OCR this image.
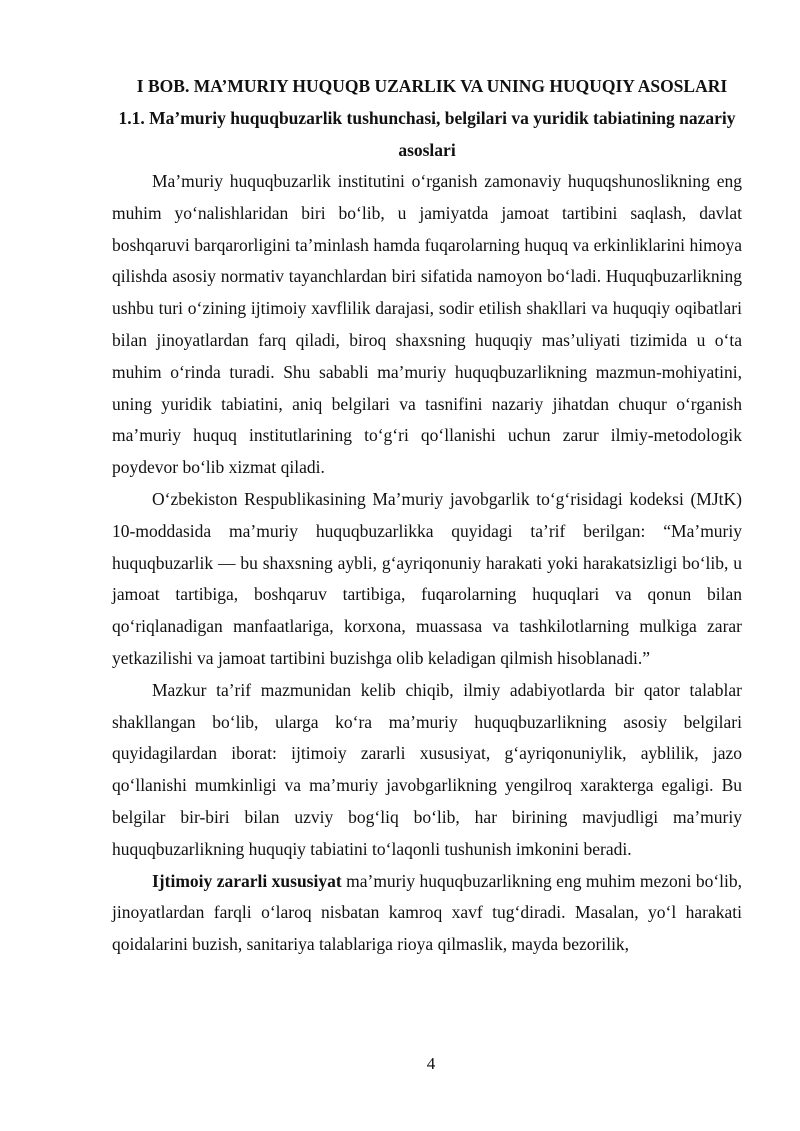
I BOB. MA’MURIY HUQUQB UZARLIK VA UNING HUQUQIY ASOSLARI
1.1. Ma’muriy huquqbuzarlik tushunchasi, belgilari va yuridik tabiatining nazariy asoslari

Ma’muriy huquqbuzarlik institutini o‘rganish zamonaviy huquqshunoslikning eng muhim yo‘nalishlaridan biri bo‘lib, u jamiyatda jamoat tartibini saqlash, davlat boshqaruvi barqarorligini ta’minlash hamda fuqarolarning huquq va erkinliklarini himoya qilishda asosiy normativ tayanchlardan biri sifatida namoyon bo‘ladi. Huquqbuzarlikning ushbu turi o‘zining ijtimoiy xavflilik darajasi, sodir etilish shakllari va huquqiy oqibatlari bilan jinoyatlardan farq qiladi, biroq shaxsning huquqiy mas’uliyati tizimida u o‘ta muhim o‘rinda turadi. Shu sababli ma’muriy huquqbuzarlikning mazmun-mohiyatini, uning yuridik tabiatini, aniq belgilari va tasnifini nazariy jihatdan chuqur o‘rganish ma’muriy huquq institutlarining to‘g‘ri qo‘llanishi uchun zarur ilmiy-metodologik poydevor bo‘lib xizmat qiladi.

O‘zbekiston Respublikasining Ma’muriy javobgarlik to‘g‘risidagi kodeksi (MJtK) 10-moddasida ma’muriy huquqbuzarlikka quyidagi ta’rif berilgan: “Ma’muriy huquqbuzarlik — bu shaxsning aybli, g‘ayriqonuniy harakati yoki harakatsizligi bo‘lib, u jamoat tartibiga, boshqaruv tartibiga, fuqarolarning huquqlari va qonun bilan qo‘riqlanadigan manfaatlariga, korxona, muassasa va tashkilotlarning mulkiga zarar yetkazilishi va jamoat tartibini buzishga olib keladigan qilmish hisoblanadi.”

Mazkur ta’rif mazmunidan kelib chiqib, ilmiy adabiyotlarda bir qator talablar shakllangan bo‘lib, ularga ko‘ra ma’muriy huquqbuzarlikning asosiy belgilari quyidagilardan iborat: ijtimoiy zararli xususiyat, g‘ayriqonuniylik, ayblilik, jazo qo‘llanishi mumkinligi va ma’muriy javobgarlikning yengilroq xarakterga egaligi. Bu belgilar bir-biri bilan uzviy bog‘liq bo‘lib, har birining mavjudligi ma’muriy huquqbuzarlikning huquqiy tabiatini to‘laqonli tushunish imkonini beradi.

Ijtimoiy zararli xususiyat ma’muriy huquqbuzarlikning eng muhim mezoni bo‘lib, jinoyatlardan farqli o‘laroq nisbatan kamroq xavf tug‘diradi. Masalan, yo‘l harakati qoidalarini buzish, sanitariya talablariga rioya qilmaslik, mayda bezorilik,

4
